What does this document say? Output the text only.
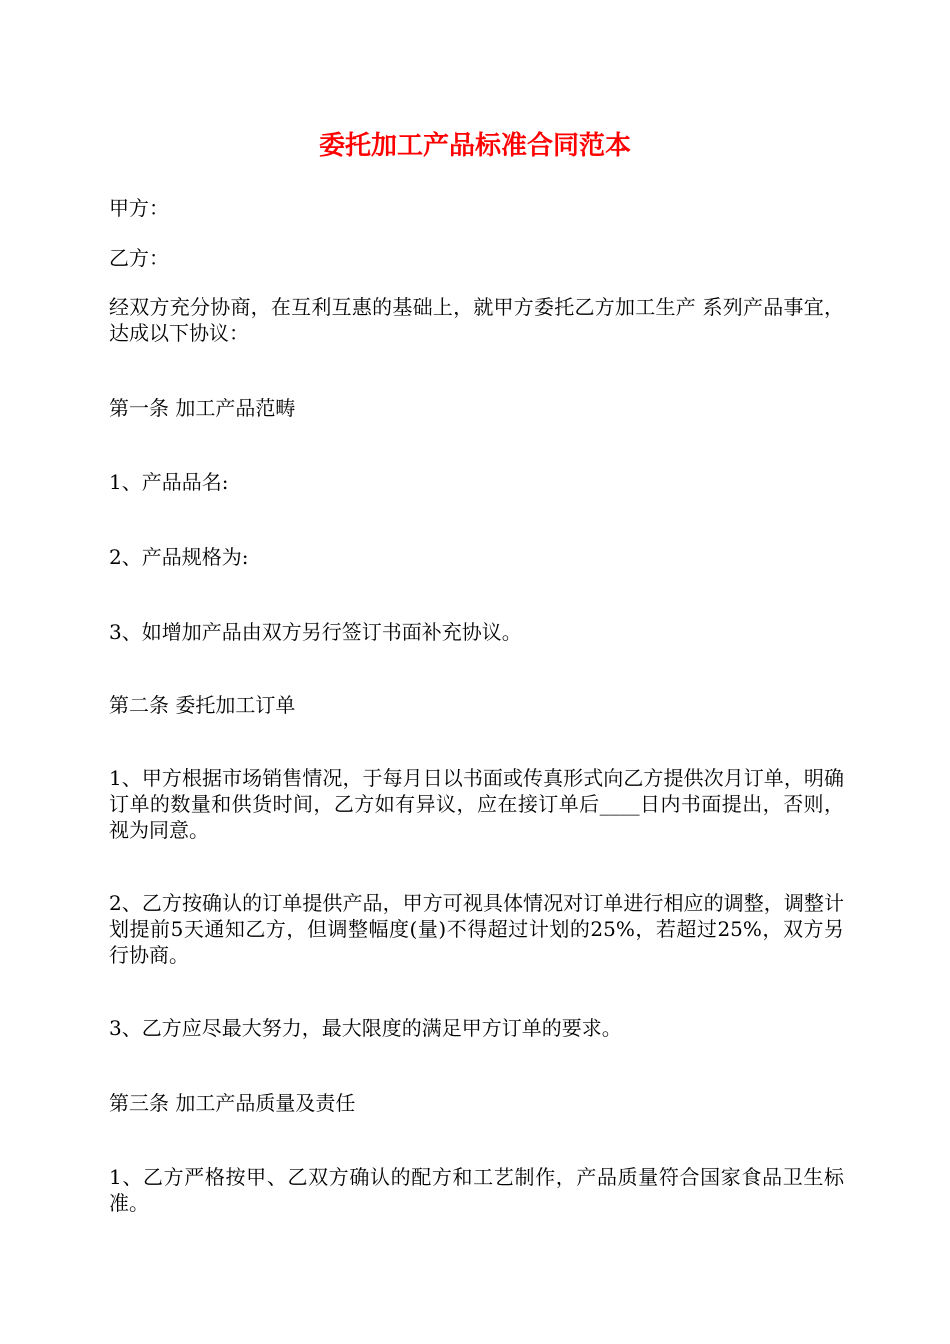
委托加工产品标准合同范本
甲方：
乙方：
经双方充分协商，在互利互惠的基础上，就甲方委托乙方加工生产 系列产品事宜，达成以下协议：
第一条 加工产品范畴
1、产品品名:
2、产品规格为:
3、如增加产品由双方另行签订书面补充协议。
第二条 委托加工订单
1、甲方根据市场销售情况，于每月日以书面或传真形式向乙方提供次月订单，明确订单的数量和供货时间，乙方如有异议，应在接订单后____日内书面提出，否则，视为同意。
2、乙方按确认的订单提供产品，甲方可视具体情况对订单进行相应的调整，调整计划提前5天通知乙方，但调整幅度(量)不得超过计划的25%，若超过25%，双方另行协商。
3、乙方应尽最大努力，最大限度的满足甲方订单的要求。
第三条 加工产品质量及责任
1、乙方严格按甲、乙双方确认的配方和工艺制作，产品质量符合国家食品卫生标准。
